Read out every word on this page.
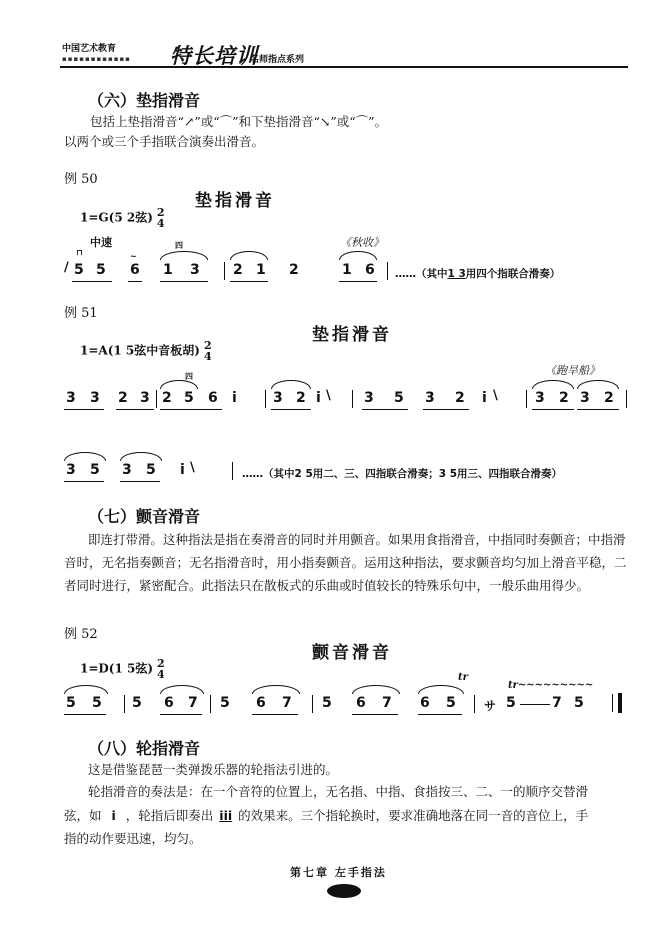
中国艺术教育
▪▪▪▪▪▪▪▪▪▪▪▪ 特长培训
名师指点系列
（六）垫指滑音
包括上垫指滑音“↗”或“⌒”和下垫指滑音“↘”或“⌒”。
以两个或三个手指联合演奏出滑音。
例 50
垫指滑音
1=G(5 2弦) 2
4
中速	《秋收》
/
⊓
5 5
~
6
四
1 3 2 1 2	1 6 ……（其中1 3用四个指联合滑奏）
例 51
垫指滑音
1=A(1 5弦中音板胡) 2
4
《跑旱船》
3 3 2 3
四
2 5 6 i	3 2 i \ 3 5 3 2 i \	3 2 3 2
3 5 3 5 i \	……（其中2 5用二、三、四指联合滑奏；3 5用三、四指联合滑奏）
（七）颤音滑音
即连打带滑。这种指法是指在奏滑音的同时并用颤音。如果用食指滑音，中指同时奏颤音；中指滑音时，无名指奏颤音；无名指滑音时，用小指奏颤音。运用这种指法，要求颤音均匀加上滑音平稳，二者同时进行，紧密配合。此指法只在散板式的乐曲或时值较长的特殊乐句中，一般乐曲用得少。
例 52
颤音滑音
1=D(1 5弦) 2
4
5 5 5 6 7 5 6 7 5 6 7
tr
6 5 サ
tr~~~~~~~~~
5	7 5
（八）轮指滑音
这是借鉴琵琶一类弹拨乐器的轮指法引进的。
轮指滑音的奏法是：在一个音符的位置上，无名指、中指、食指按三、二、一的顺序交替滑
弦，如 i ，轮指后即奏出 iii 的效果来。三个指轮换时，要求准确地落在同一音的音位上，手
指的动作要迅速，均匀。
第七章 左手指法
